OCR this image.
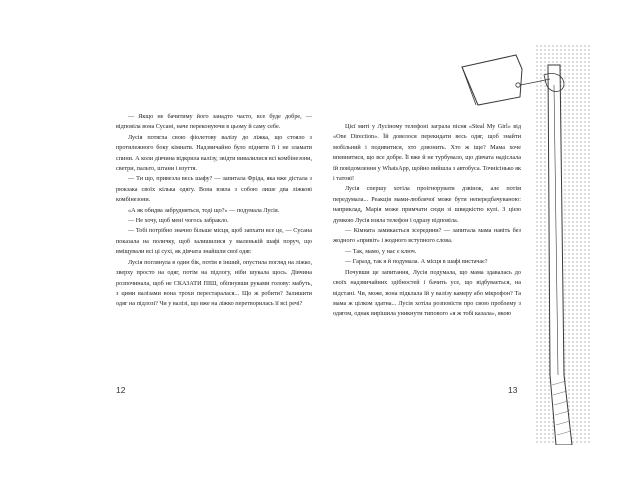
— Якщо не бачитиму його занадто часто, все буде добре, — відповіла вона Сусані, наче переконуючи в цьому й саму себе.

Лусія потягла свою фіолетову валізу до ліжка, що стояло з протилежного боку кімнати. Надзвичайно було підняти її і не зламати спини. А коли дівчина відкрила валізу, звідти вивалилися всі комбінезони, светри, пальто, штани і взуття.

— Ти що, привезла весь шафу? — запитала Фріда, яка вже дістала з рюкзака своїх кілька одягу. Вона взяла з собою лише два ліжкові комбінезони.

«А як обидва забрудняться, тоді що?» — подумала Лусія.

— Не хочу, щоб мені чогось забракло.

— Тобі потрібно значно більше місця, щоб запхати все це, — Сусана показала на поличку, щоб залишилися у маленькій шафі поруч, що вміщували всі ці сухі, як дівчата знайшли свої одяг.

Лусія поглянула в один бік, потім в інший, опустила погляд на ліжко, зверху просто на одяг, потім на підлогу, ніби шукала щось. Дівчина розпочинала, щоб не СКАЗАТИ ПІШ, обіпнувши руками голову: мабуть, з цими валізами вона трохи перестаралася... Що ж робити? Залишити одяг на підлозі? Чи у валізі, що вже на ліжко перетворилась її всі речі?

12

Цієї миті у Лусіному телефоні заграла пісня «Steal My Girl» від «One Direction». Їй довелося перекидати весь одяг, щоб знайти мобільний і подивитися, хто дзвонить. Хто ж іще? Мама хоче впевнитися, що все добре. Її вже й не турбувало, що дівчата надіслала їй повідомлення у WhatsApp, щойно вийшла з автобуса. Точнісінько як і татові!

Лусія спершу хотіла проігнорувати дзвінок, але потім передумала... Реакція мами-люблячої може бути непередбачуваною: наприклад, Марія може примчати сюди зі швидкістю кулі. З цією думкою Лусія взяла телефон і одразу відповіла.

— Кімната замикається зсередини? — запитала мама навіть без жодного «привіт» і жодного вступного слова.

— Так, мамо, у нас є ключ.

— Гаразд, так я й подумала. А місця в шафі вистачає?

Почувши це запитання, Лусія подумала, що мама здавалась до своїх надзвичайних здібностей і бачить усе, що відбувається, на відстані. Чи, може, вона підклала їй у валізу камеру або мікрофон? Та мама ж цілком здатна... Лусія хотіла розповісти про свою проблему з одягом, однак вирішила уникнути типового «я ж тобі казала», якою

13
